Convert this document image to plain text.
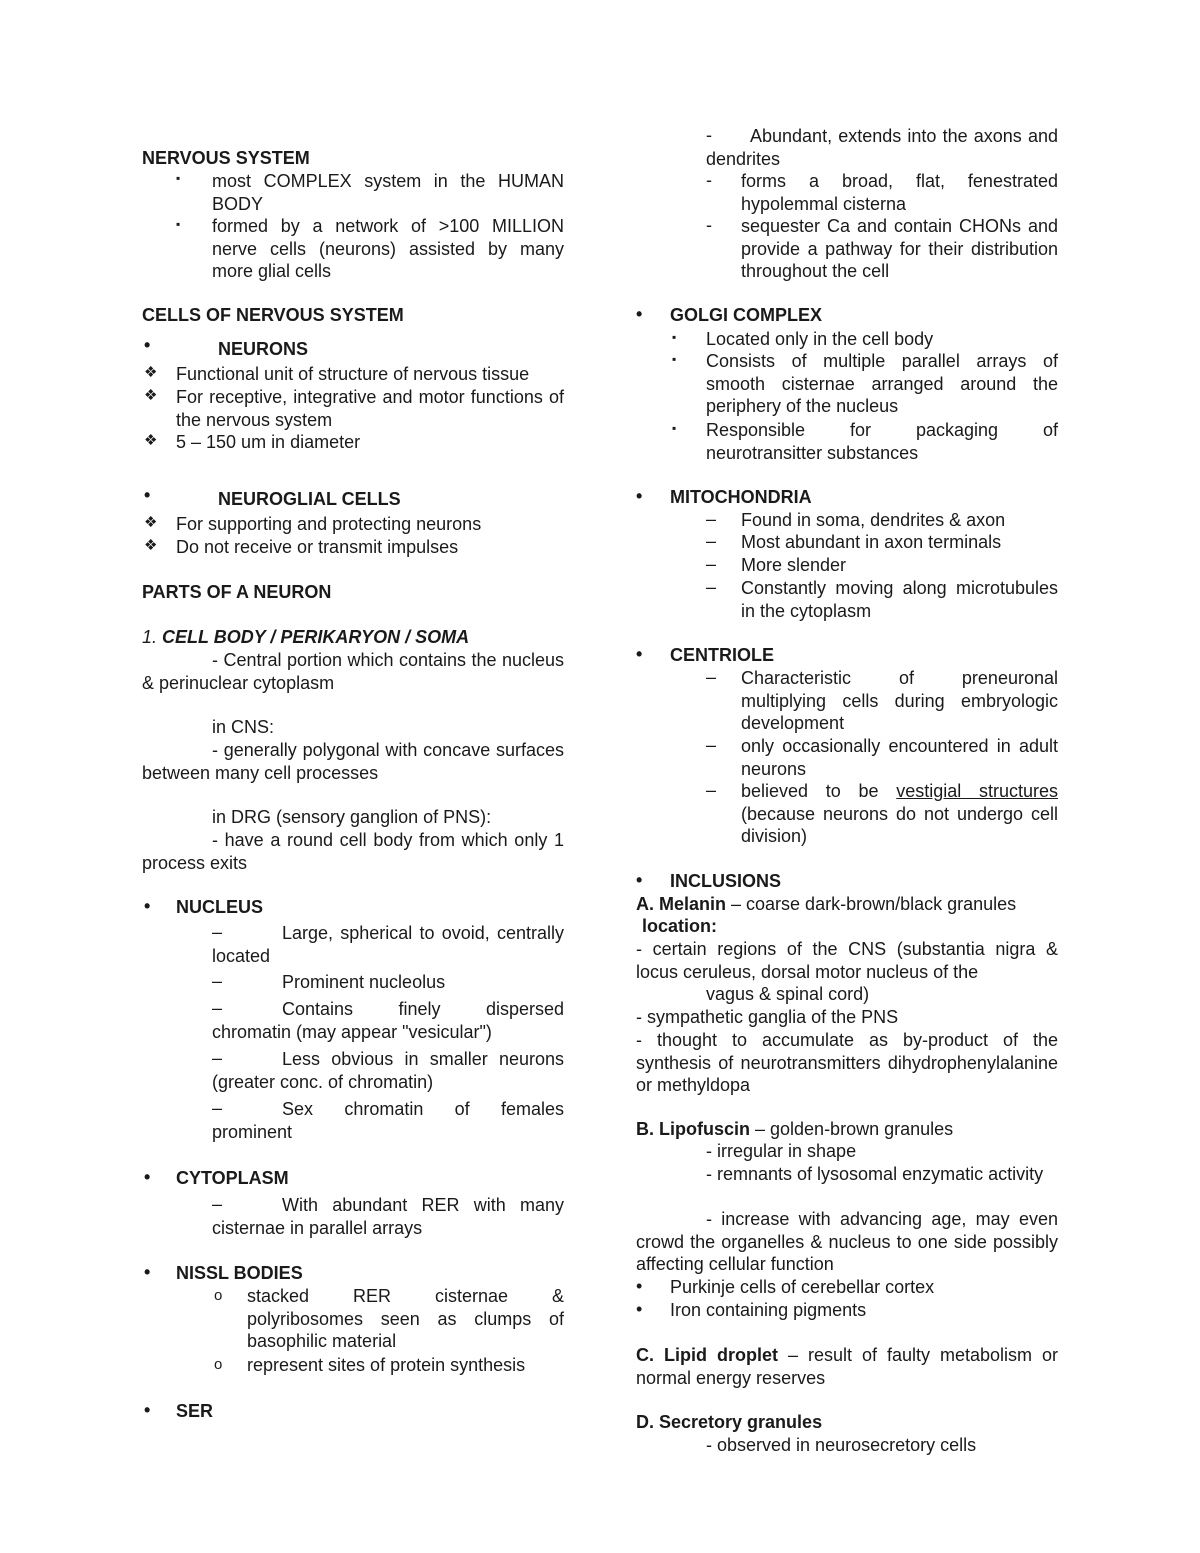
NERVOUS SYSTEM
▪ most COMPLEX system in the HUMAN BODY
▪ formed by a network of >100 MILLION nerve cells (neurons) assisted by many more glial cells
CELLS OF NERVOUS SYSTEM
•	NEURONS
❖ Functional unit of structure of nervous tissue
❖ For receptive, integrative and motor functions of the nervous system
❖ 5 – 150 um in diameter
•	NEUROGLIAL CELLS
❖ For supporting and protecting neurons
❖ Do not receive or transmit impulses
PARTS OF A NEURON
1. CELL BODY / PERIKARYON / SOMA
- Central portion which contains the nucleus & perinuclear cytoplasm
in CNS:
- generally polygonal with concave surfaces between many cell processes
in DRG (sensory ganglion of PNS):
- have a round cell body from which only 1 process exits
• NUCLEUS
–	Large, spherical to ovoid, centrally located
–	Prominent nucleolus
–	Contains finely dispersed chromatin (may appear "vesicular")
–	Less obvious in smaller neurons (greater conc. of chromatin)
–	Sex chromatin of females prominent
• CYTOPLASM
–	With abundant RER with many cisternae in parallel arrays
• NISSL BODIES
o stacked RER cisternae & polyribosomes seen as clumps of basophilic material
o represent sites of protein synthesis
• SER
-	Abundant, extends into the axons and dendrites
- forms a broad, flat, fenestrated hypolemmal cisterna
- sequester Ca and contain CHONs and provide a pathway for their distribution throughout the cell
• GOLGI COMPLEX
▪ Located only in the cell body
▪ Consists of multiple parallel arrays of smooth cisternae arranged around the periphery of the nucleus
▪ Responsible for packaging of neurotransitter substances
• MITOCHONDRIA
– Found in soma, dendrites & axon
– Most abundant in axon terminals
– More slender
– Constantly moving along microtubules in the cytoplasm
• CENTRIOLE
– Characteristic of preneuronal multiplying cells during embryologic development
– only occasionally encountered in adult neurons
– believed to be vestigial structures (because neurons do not undergo cell division)
• INCLUSIONS
A. Melanin – coarse dark-brown/black granules
location:
- certain regions of the CNS (substantia nigra & locus ceruleus, dorsal motor nucleus of the
vagus & spinal cord)
- sympathetic ganglia of the PNS
- thought to accumulate as by-product of the synthesis of neurotransmitters dihydrophenylalanine or methyldopa
B. Lipofuscin – golden-brown granules
- irregular in shape
- remnants of lysosomal enzymatic activity
- increase with advancing age, may even crowd the organelles & nucleus to one side possibly affecting cellular function
• Purkinje cells of cerebellar cortex
• Iron containing pigments
C. Lipid droplet – result of faulty metabolism or normal energy reserves
D. Secretory granules
- observed in neurosecretory cells
